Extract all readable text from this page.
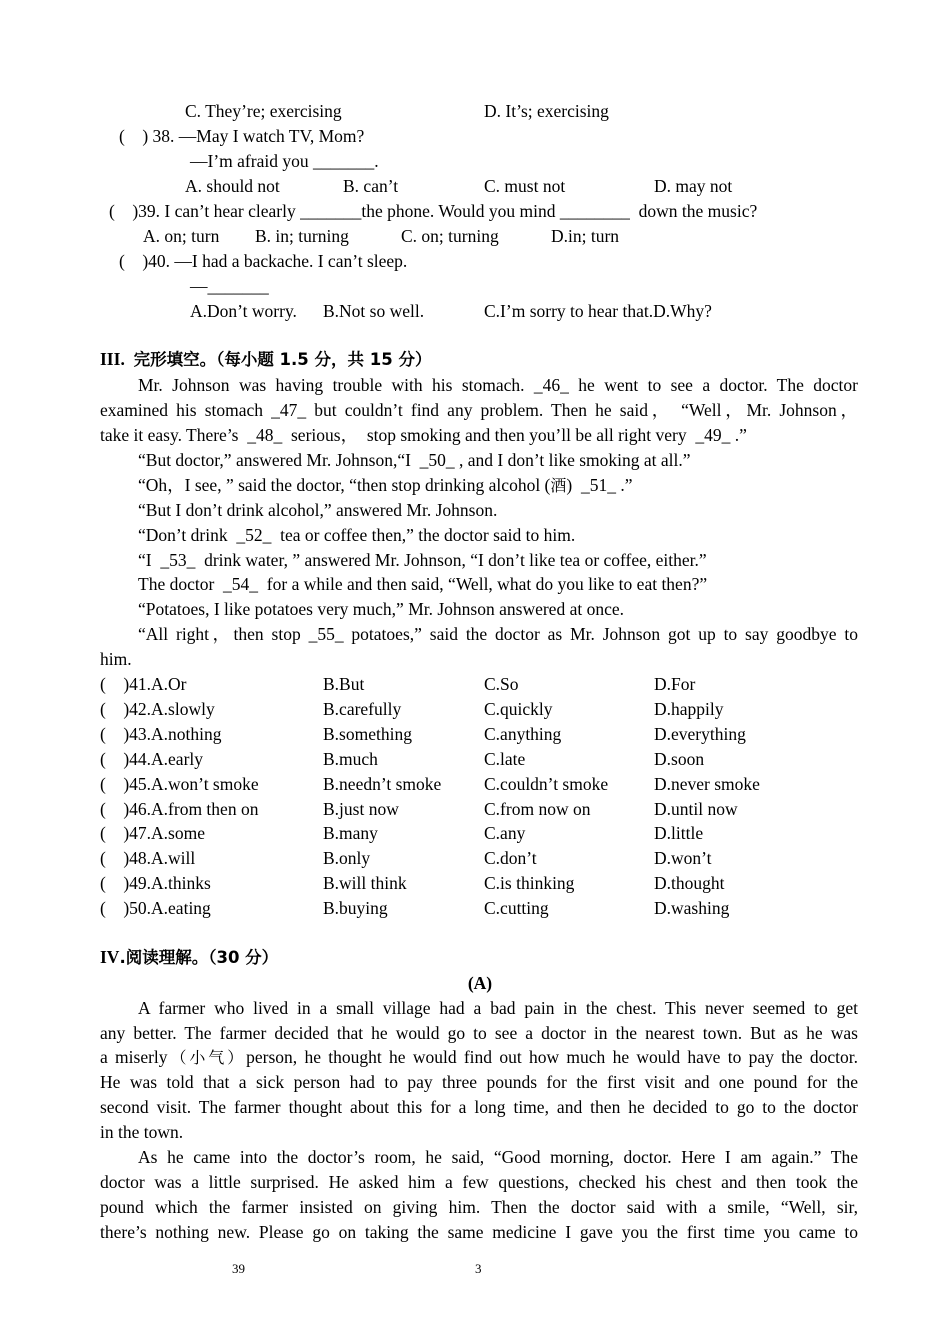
C. They’re; exercising	D. It’s; exercising
(    ) 38. —May I watch TV, Mom?
—I’m afraid you _______.
A. should not	B. can’t	C. must not	D. may not
(    )39. I can’t hear clearly _______the phone. Would you mind ________  down the music?
A. on; turn B. in; turning	C. on; turning	D.in; turn
(    )40. —I had a backache. I can’t sleep.
—_______
A.Don’t worry. B.Not so well.	C.I’m sorry to hear that.D.Why?
III.  完形填空。（每小题 1.5 分，共 15 分）
Mr. Johnson was having trouble with his stomach. _46_ he went to see a doctor. The doctor
examined his stomach _47_ but couldn’t find any problem. Then he said， “Well，Mr. Johnson，
take it easy. There’s  _48_  serious，  stop smoking and then you’ll be all right very  _49_ .”
“But doctor,” answered Mr. Johnson,“I  _50_ , and I don’t like smoking at all.”
“Oh，I see, ” said the doctor, “then stop drinking alcohol (酒)  _51_ .”
“But I don’t drink alcohol,” answered Mr. Johnson.
“Don’t drink  _52_  tea or coffee then,” the doctor said to him.
“I  _53_  drink water, ” answered Mr. Johnson, “I don’t like tea or coffee, either.”
The doctor  _54_  for a while and then said, “Well, what do you like to eat then?”
“Potatoes, I like potatoes very much,” Mr. Johnson answered at once.
“All right，then stop _55_ potatoes,” said the doctor as Mr. Johnson got up to say goodbye to
him.
(    )41.A.Or	B.But	C.So	D.For
(    )42.A.slowly	B.carefully	C.quickly	D.happily
(    )43.A.nothing	B.something	C.anything	D.everything
(    )44.A.early	B.much	C.late	D.soon
(    )45.A.won’t smoke	B.needn’t smoke C.couldn’t smoke	D.never smoke
(    )46.A.from then on	B.just now	C.from now on	D.until now
(    )47.A.some	B.many	C.any	D.little
(    )48.A.will	B.only	C.don’t	D.won’t
(    )49.A.thinks	B.will think	C.is thinking	D.thought
(    )50.A.eating	B.buying	C.cutting	D.washing
IV.阅读理解。（30 分）
(A)
A farmer who lived in a small village had a bad pain in the chest. This never seemed to get
any better. The farmer decided that he would go to see a doctor in the nearest town. But as he was
a miserly（小气）person, he thought he would find out how much he would have to pay the doctor.
He was told that a sick person had to pay three pounds for the first visit and one pound for the
second visit. The farmer thought about this for a long time, and then he decided to go to the doctor
in the town.
As he came into the doctor’s room, he said, “Good morning, doctor. Here I am again.” The
doctor was a little surprised. He asked him a few questions, checked his chest and then took the
pound which the farmer insisted on giving him. Then the doctor said with a smile, “Well, sir,
there’s nothing new. Please go on taking the same medicine I gave you the first time you came to
39	3
